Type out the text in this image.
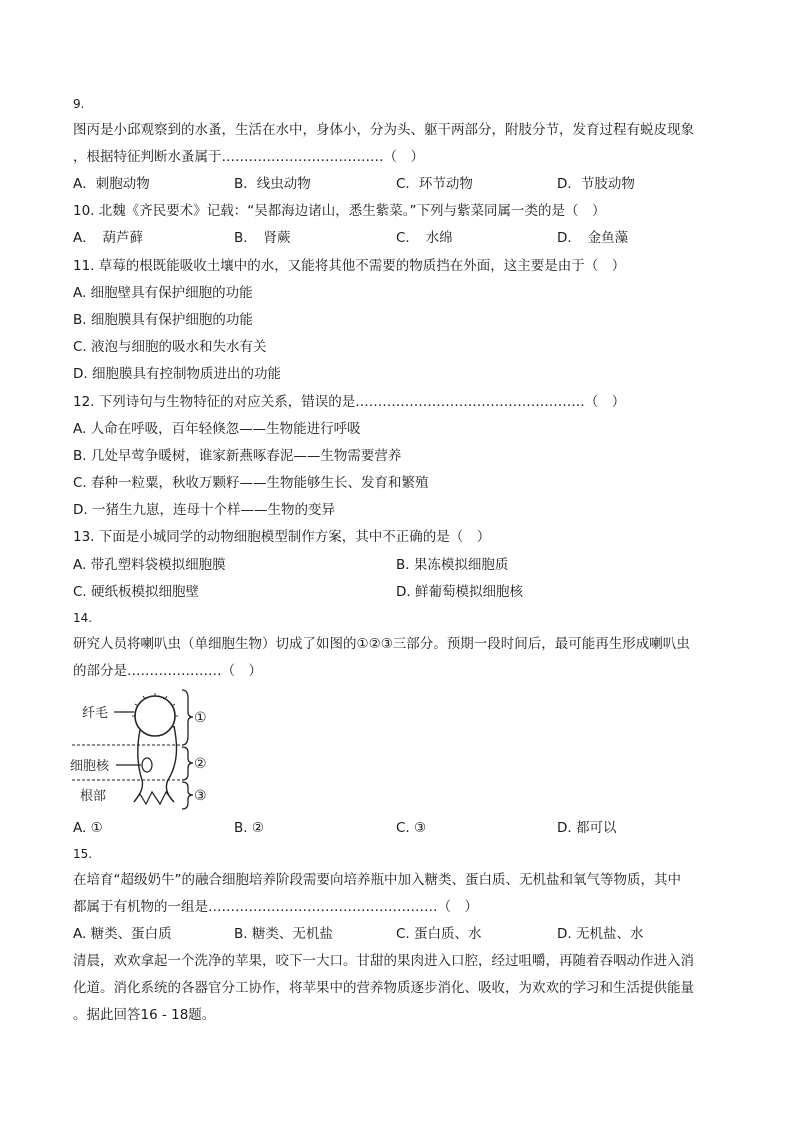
9.
图丙是小邱观察到的水蚤，生活在水中，身体小，分为头、躯干两部分，附肢分节，发育过程有蜕皮现象
，根据特征判断水蚤属于………………………………（　）
A．刺胞动物	B．线虫动物	C．环节动物	D．节肢动物
10. 北魏《齐民要术》记载：“吴都海边诸山，悉生紫菜。”下列与紫菜同属一类的是（　）
A．　葫芦藓	B．　肾蕨	C．　水绵	D．　金鱼藻
11. 草莓的根既能吸收土壤中的水，又能将其他不需要的物质挡在外面，这主要是由于（　）
A. 细胞壁具有保护细胞的功能
B. 细胞膜具有保护细胞的功能
C. 液泡与细胞的吸水和失水有关
D. 细胞膜具有控制物质进出的功能
12. 下列诗句与生物特征的对应关系，错误的是……………………………………………（　）
A. 人命在呼吸，百年轻倏忽——生物能进行呼吸
B. 几处早莺争暖树，谁家新燕啄春泥——生物需要营养
C. 春种一粒粟，秋收万颗籽——生物能够生长、发育和繁殖
D. 一猪生九崽，连母十个样——生物的变异
13. 下面是小城同学的动物细胞模型制作方案，其中不正确的是（　）
A. 带孔塑料袋模拟细胞膜	B. 果冻模拟细胞质
C. 硬纸板模拟细胞壁	D. 鲜葡萄模拟细胞核
14.
研究人员将喇叭虫（单细胞生物）切成了如图的①②③三部分。预期一段时间后，最可能再生形成喇叭虫
的部分是…………………（　）
纤毛
细胞核
根部
①
②
③
A. ①	B. ②	C. ③	D. 都可以
15.
在培育“超级奶牛”的融合细胞培养阶段需要向培养瓶中加入糖类、蛋白质、无机盐和氧气等物质，其中
都属于有机物的一组是……………………………………………（　）
A. 糖类、蛋白质	B. 糖类、无机盐	C. 蛋白质、水	D. 无机盐、水
清晨，欢欢拿起一个洗净的苹果，咬下一大口。甘甜的果肉进入口腔，经过咀嚼，再随着吞咽动作进入消
化道。消化系统的各器官分工协作，将苹果中的营养物质逐步消化、吸收，为欢欢的学习和生活提供能量
。据此回答16 - 18题。
